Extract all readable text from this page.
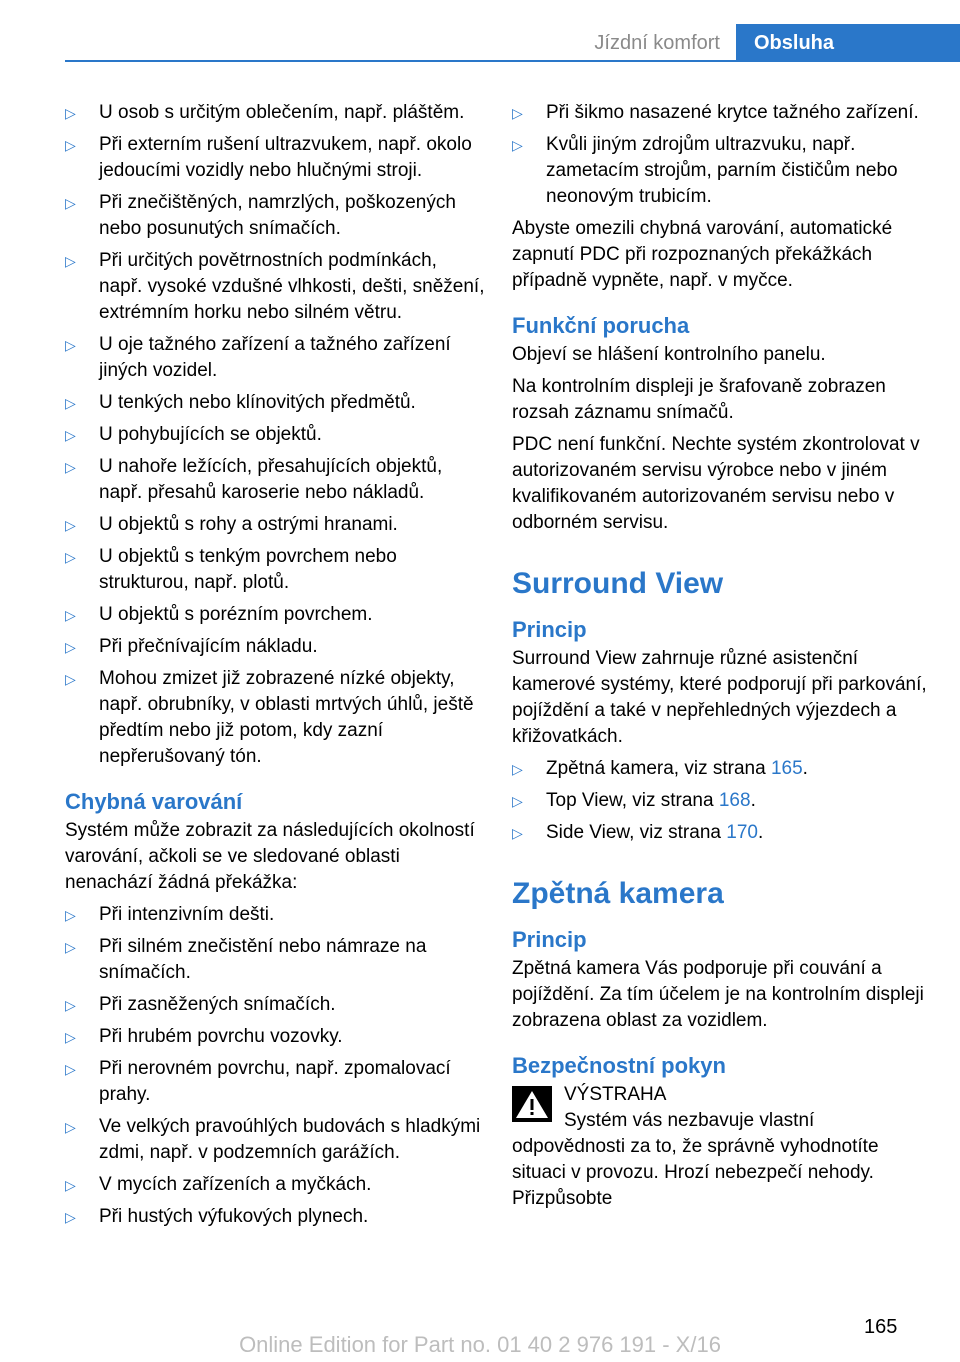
Jízdní komfort	Obsluha
▷ U osob s určitým oblečením, např. pláštěm.
▷ Při externím rušení ultrazvukem, např. okolo jedoucími vozidly nebo hlučnými stroji.
▷ Při znečištěných, namrzlých, poškozených nebo posunutých snímačích.
▷ Při určitých povětrnostních podmínkách, např. vysoké vzdušné vlhkosti, dešti, sněžení, extrémním horku nebo silném větru.
▷ U oje tažného zařízení a tažného zařízení jiných vozidel.
▷ U tenkých nebo klínovitých předmětů.
▷ U pohybujících se objektů.
▷ U nahoře ležících, přesahujících objektů, např. přesahů karoserie nebo nákladů.
▷ U objektů s rohy a ostrými hranami.
▷ U objektů s tenkým povrchem nebo strukturou, např. plotů.
▷ U objektů s porézním povrchem.
▷ Při přečnívajícím nákladu.
▷ Mohou zmizet již zobrazené nízké objekty, např. obrubníky, v oblasti mrtvých úhlů, ještě předtím nebo již potom, kdy zazní nepřerušovaný tón.
Chybná varování

Systém může zobrazit za následujících okolností varování, ačkoli se ve sledované oblasti nenachází žádná překážka:

▷ Při intenzivním dešti.
▷ Při silném znečistění nebo námraze na snímačích.
▷ Při zasněžených snímačích.
▷ Při hrubém povrchu vozovky.
▷ Při nerovném povrchu, např. zpomalovací prahy.
▷ Ve velkých pravoúhlých budovách s hladkými zdmi, např. v podzemních garážích.
▷ V mycích zařízeních a myčkách.
▷ Při hustých výfukových plynech.
▷ Při šikmo nasazené krytce tažného zařízení.
▷ Kvůli jiným zdrojům ultrazvuku, např. zametacím strojům, parním čističům nebo neonovým trubicím.

Abyste omezili chybná varování, automatické zapnutí PDC při rozpoznaných překážkách případně vypněte, např. v myčce.

Funkční porucha

Objeví se hlášení kontrolního panelu.

Na kontrolním displeji je šrafovaně zobrazen rozsah záznamu snímačů.

PDC není funkční. Nechte systém zkontrolovat v autorizovaném servisu výrobce nebo v jiném kvalifikovaném autorizovaném servisu nebo v odborném servisu.

Surround View
Princip

Surround View zahrnuje různé asistenční kamerové systémy, které podporují při parkování, pojíždění a také v nepřehledných výjezdech a křižovatkách.

▷ Zpětná kamera, viz strana 165.
▷ Top View, viz strana 168.
▷ Side View, viz strana 170.
Zpětná kamera
Princip

Zpětná kamera Vás podporuje při couvání a pojíždění. Za tím účelem je na kontrolním displeji zobrazena oblast za vozidlem.

Bezpečnostní pokyn
VÝSTRAHA

Systém vás nezbavuje vlastní odpovědnosti za to, že správně vyhodnotíte situaci v provozu. Hrozí nebezpečí nehody. Přizpůsobte

165
Online Edition for Part no. 01 40 2 976 191 - X/16
